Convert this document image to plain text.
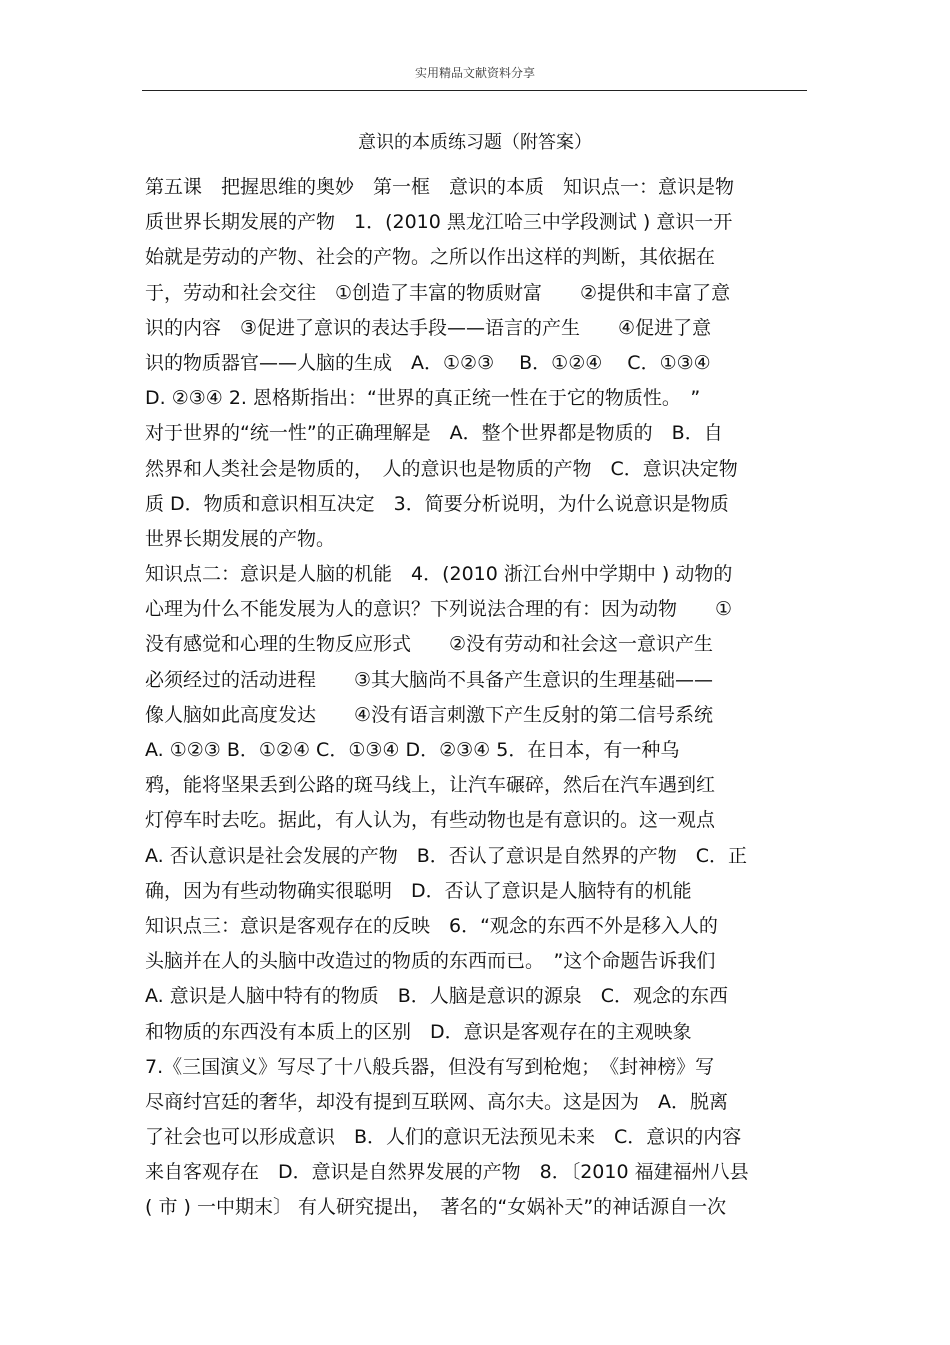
实用精品文献资料分享
意识的本质练习题（附答案）
第五课　把握思维的奥妙　第一框　意识的本质　知识点一：意识是物
质世界长期发展的产物　1．(2010 黑龙江哈三中学段测试 ) 意识一开
始就是劳动的产物、社会的产物。之所以作出这样的判断，其依据在
于，劳动和社会交往　①创造了丰富的物质财富　　②提供和丰富了意
识的内容　③促进了意识的表达手段——语言的产生　　④促进了意
识的物质器官——人脑的生成　A．①②③　 B．①②④　 C．①③④
D. ②③④ 2. 恩格斯指出：“世界的真正统一性在于它的物质性。　”
对于世界的“统一性”的正确理解是　A．整个世界都是物质的　B．自
然界和人类社会是物质的，　人的意识也是物质的产物　C．意识决定物
质 D．物质和意识相互决定　3．简要分析说明，为什么说意识是物质
世界长期发展的产物。
知识点二：意识是人脑的机能　4．(2010 浙江台州中学期中 ) 动物的
心理为什么不能发展为人的意识？下列说法合理的有：因为动物　　①
没有感觉和心理的生物反应形式　　②没有劳动和社会这一意识产生
必须经过的活动进程　　③其大脑尚不具备产生意识的生理基础——
像人脑如此高度发达　　④没有语言刺激下产生反射的第二信号系统
A. ①②③ B．①②④ C．①③④ D．②③④ 5．在日本，有一种乌
鸦，能将坚果丢到公路的斑马线上，让汽车碾碎，然后在汽车遇到红
灯停车时去吃。据此，有人认为，有些动物也是有意识的。这一观点
A. 否认意识是社会发展的产物　B．否认了意识是自然界的产物　C．正
确，因为有些动物确实很聪明　D．否认了意识是人脑特有的机能
知识点三：意识是客观存在的反映　6．“观念的东西不外是移入人的
头脑并在人的头脑中改造过的物质的东西而已。　”这个命题告诉我们
A. 意识是人脑中特有的物质　B．人脑是意识的源泉　C．观念的东西
和物质的东西没有本质上的区别　D．意识是客观存在的主观映象
7.《三国演义》写尽了十八般兵器，但没有写到枪炮；　《封神榜》写
尽商纣宫廷的奢华，却没有提到互联网、高尔夫。这是因为　A．脱离
了社会也可以形成意识　B．人们的意识无法预见未来　C．意识的内容
来自客观存在　D．意识是自然界发展的产物　8．〔2010 福建福州八县
( 市 ) 一中期末〕 有人研究提出，　著名的“女娲补天”的神话源自一次
